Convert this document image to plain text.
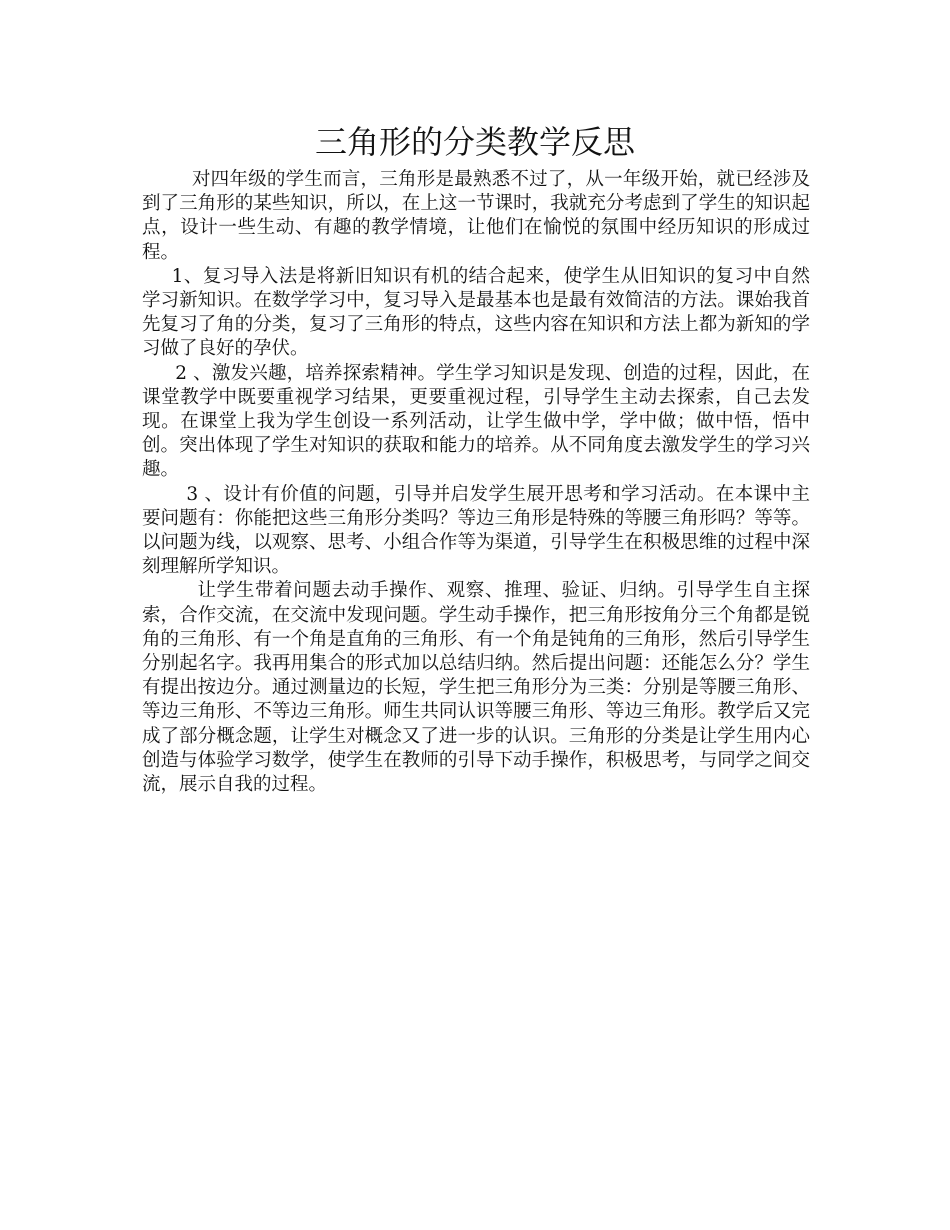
三角形的分类教学反思

对四年级的学生而言，三角形是最熟悉不过了，从一年级开始，就已经涉及到了三角形的某些知识，所以，在上这一节课时，我就充分考虑到了学生的知识起点，设计一些生动、有趣的教学情境，让他们在愉悦的氛围中经历知识的形成过程。

1、复习导入法是将新旧知识有机的结合起来，使学生从旧知识的复习中自然学习新知识。在数学学习中，复习导入是最基本也是最有效简洁的方法。课始我首先复习了角的分类，复习了三角形的特点，这些内容在知识和方法上都为新知的学习做了良好的孕伏。

2 、激发兴趣，培养探索精神。学生学习知识是发现、创造的过程，因此，在课堂教学中既要重视学习结果，更要重视过程，引导学生主动去探索，自己去发现。在课堂上我为学生创设一系列活动，让学生做中学，学中做；做中悟，悟中创。突出体现了学生对知识的获取和能力的培养。从不同角度去激发学生的学习兴趣。

3 、设计有价值的问题，引导并启发学生展开思考和学习活动。在本课中主要问题有：你能把这些三角形分类吗？等边三角形是特殊的等腰三角形吗？等等。以问题为线，以观察、思考、小组合作等为渠道，引导学生在积极思维的过程中深刻理解所学知识。

让学生带着问题去动手操作、观察、推理、验证、归纳。引导学生自主探索，合作交流，在交流中发现问题。学生动手操作，把三角形按角分三个角都是锐角的三角形、有一个角是直角的三角形、有一个角是钝角的三角形，然后引导学生分别起名字。我再用集合的形式加以总结归纳。然后提出问题：还能怎么分？学生有提出按边分。通过测量边的长短，学生把三角形分为三类：分别是等腰三角形、等边三角形、不等边三角形。师生共同认识等腰三角形、等边三角形。教学后又完成了部分概念题，让学生对概念又了进一步的认识。三角形的分类是让学生用内心创造与体验学习数学，使学生在教师的引导下动手操作，积极思考，与同学之间交流，展示自我的过程。
